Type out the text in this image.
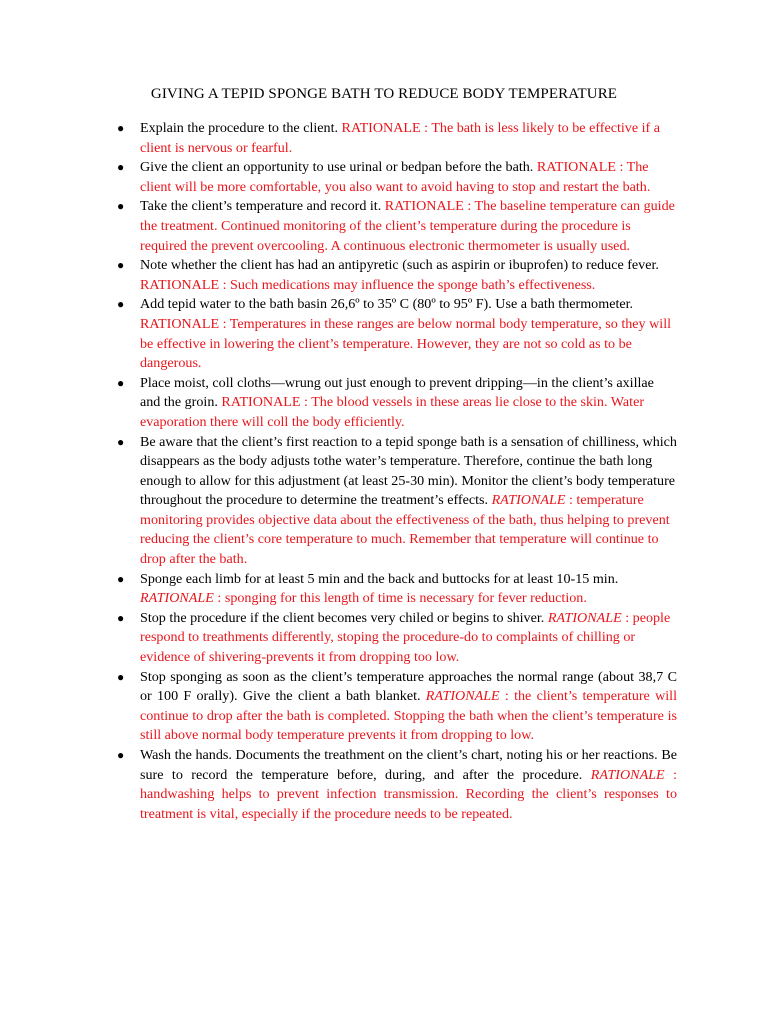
GIVING A TEPID SPONGE BATH TO REDUCE BODY TEMPERATURE
● Explain the procedure to the client. RATIONALE : The bath is less likely to be effective if a client is nervous or fearful.
● Give the client an opportunity to use urinal or bedpan before the bath. RATIONALE : The client will be more comfortable, you also want to avoid having to stop and restart the bath.
● Take the client’s temperature and record it. RATIONALE : The baseline temperature can guide the treatment. Continued monitoring of the client’s temperature during the procedure is required the prevent overcooling. A continuous electronic thermometer is usually used.
● Note whether the client has had an antipyretic (such as aspirin or ibuprofen) to reduce fever. RATIONALE : Such medications may influence the sponge bath’s effectiveness.
● Add tepid water to the bath basin 26,6º to 35º C (80º to 95º F). Use a bath thermometer. RATIONALE : Temperatures in these ranges are below normal body temperature, so they will be effective in lowering the client’s temperature. However, they are not so cold as to be dangerous.
● Place moist, coll cloths—wrung out just enough to prevent dripping—in the client’s axillae and the groin. RATIONALE : The blood vessels in these areas lie close to the skin. Water evaporation there will coll the body efficiently.
● Be aware that the client’s first reaction to a tepid sponge bath is a sensation of chilliness, which disappears as the body adjusts tothe water’s temperature. Therefore, continue the bath long enough to allow for this adjustment (at least 25-30 min). Monitor the client’s body temperature throughout the procedure to determine the treatment’s effects. RATIONALE : temperature monitoring provides objective data about the effectiveness of the bath, thus helping to prevent reducing the client’s core temperature to much. Remember that temperature will continue to drop after the bath.
● Sponge each limb for at least 5 min and the back and buttocks for at least 10-15 min. RATIONALE : sponging for this length of time is necessary for fever reduction.
● Stop the procedure if the client becomes very chiled or begins to shiver. RATIONALE : people respond to treathments differently, stoping the procedure-do to complaints of chilling or evidence of shivering-prevents it from dropping too low.
● Stop sponging as soon as the client’s temperature approaches the normal range (about 38,7 C or 100 F orally). Give the client a bath blanket. RATIONALE : the client’s temperature will continue to drop after the bath is completed. Stopping the bath when the client’s temperature is still above normal body temperature prevents it from dropping to low.
● Wash the hands. Documents the treathment on the client’s chart, noting his or her reactions. Be sure to record the temperature before, during, and after the procedure. RATIONALE : handwashing helps to prevent infection transmission. Recording the client’s responses to treatment is vital, especially if the procedure needs to be repeated.
